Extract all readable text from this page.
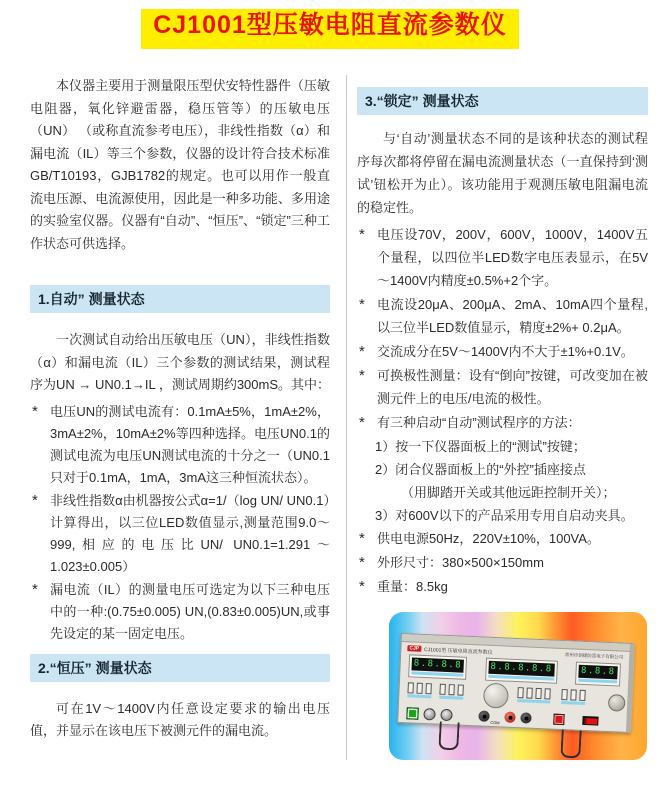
CJ1001型压敏电阻直流参数仪

本仪器主要用于测量限压型伏安特性器件（压敏电阻器，氧化锌避雷器，稳压管等）的压敏电压（UN） （或称直流参考电压），非线性指数（α）和漏电流（IL）等三个参数，仪器的设计符合技术标准GB/T10193，GJB1782的规定。也可以用作一般直流电压源、电流源使用，因此是一种多功能、多用途的实验室仪器。仪器有“自动”、“恒压”、“锁定”三种工作状态可供选择。

1.自动” 测量状态

一次测试自动给出压敏电压（UN），非线性指数（α）和漏电流（IL）三个参数的测试结果，测试程序为UN → UN0.1→IL ，测试周期约300mS。其中：

* 电压UN的测试电流有：0.1mA±5%，1mA±2%，3mA±2%，10mA±2%等四种选择。电压UN0.1的测试电流为电压UN测试电流的十分之一（UN0.1只对于0.1mA，1mA，3mA这三种恒流状态）。
* 非线性指数α由机器按公式α=1/（log UN/ UN0.1）计算得出，以三位LED数值显示,测量范围9.0～999,相应的电压比UN/ UN0.1=1.291～1.023±0.005）
* 漏电流（IL）的测量电压可选定为以下三种电压中的一种:(0.75±0.005) UN,(0.83±0.005)UN,或事先设定的某一固定电压。
2.“恒压” 测量状态

可在1V～1400V内任意设定要求的输出电压值，并显示在该电压下被测元件的漏电流。

3.“锁定” 测量状态

与‘自动’测量状态不同的是该种状态的测试程序每次都将停留在漏电流测量状态（一直保持到‘测试’钮松开为止）。该功能用于观测压敏电阻漏电流的稳定性。

* 电压设70V，200V，600V，1000V，1400V五个量程，以四位半LED数字电压表显示，在5V～1400V内精度±0.5%+2个字。
* 电流设20μA、200μA、2mA、10mA四个量程,以三位半LED数值显示，精度±2%+ 0.2μA。
* 交流成分在5V～1400V内不大于±1%+0.1V。
* 可换极性测量：设有“倒向”按键，可改变加在被测元件上的电压/电流的极性。
* 有三种启动“自动”测试程序的方法：
1）按一下仪器面板上的“测试”按键；
2）闭合仪器面板上的“外控”插座接点
（用脚踏开关或其他远距控制开关）；
3）对600V以下的产品采用专用自启动夹具。
* 供电电源50Hz，220V±10%，100VA。
* 外形尺寸：380×500×150mm
* 重量：8.5kg
CJP CJ1001型 压敏电阻直流参数仪
常州市创捷防雷电子有限公司
8.8.8.8	8.8.8.8.8	8.8.8
COM
